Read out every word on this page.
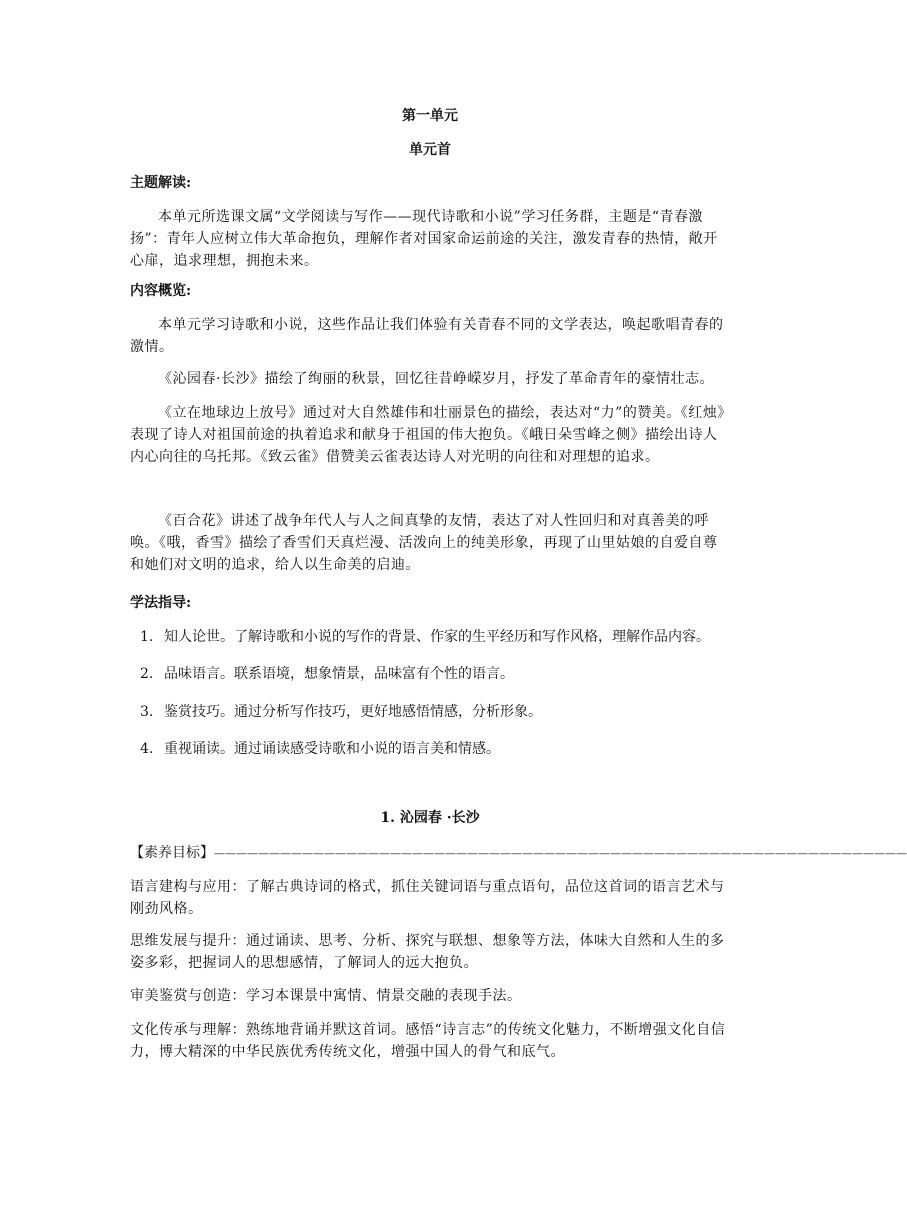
第一单元
单元首
主题解读:
本单元所选课文属“文学阅读与写作——现代诗歌和小说”学习任务群，主题是“青春激扬”：青年人应树立伟大革命抱负，理解作者对国家命运前途的关注，激发青春的热情，敞开心扉，追求理想，拥抱未来。
内容概览:
本单元学习诗歌和小说，这些作品让我们体验有关青春不同的文学表达，唤起歌唱青春的激情。
《沁园春·长沙》描绘了绚丽的秋景，回忆往昔峥嵘岁月，抒发了革命青年的豪情壮志。
《立在地球边上放号》通过对大自然雄伟和壮丽景色的描绘，表达对“力”的赞美。《红烛》表现了诗人对祖国前途的执着追求和献身于祖国的伟大抱负。《峨日朵雪峰之侧》描绘出诗人内心向往的乌托邦。《致云雀》借赞美云雀表达诗人对光明的向往和对理想的追求。
《百合花》讲述了战争年代人与人之间真挚的友情，表达了对人性回归和对真善美的呼唤。《哦，香雪》描绘了香雪们天真烂漫、活泼向上的纯美形象，再现了山里姑娘的自爱自尊和她们对文明的追求，给人以生命美的启迪。
学法指导:
1. 知人论世。了解诗歌和小说的写作的背景、作家的生平经历和写作风格，理解作品内容。
2. 品味语言。联系语境，想象情景，品味富有个性的语言。
3. 鉴赏技巧。通过分析写作技巧，更好地感悟情感，分析形象。
4. 重视诵读。通过诵读感受诗歌和小说的语言美和情感。
1. 沁园春 ·长沙
【素养目标】———————————————————————————————————————————————————————————————
语言建构与应用：了解古典诗词的格式，抓住关键词语与重点语句，品位这首词的语言艺术与刚劲风格。
思维发展与提升：通过诵读、思考、分析、探究与联想、想象等方法，体味大自然和人生的多姿多彩，把握词人的思想感情，了解词人的远大抱负。
审美鉴赏与创造：学习本课景中寓情、情景交融的表现手法。
文化传承与理解：熟练地背诵并默这首词。感悟“诗言志”的传统文化魅力，不断增强文化自信力，博大精深的中华民族优秀传统文化，增强中国人的骨气和底气。
